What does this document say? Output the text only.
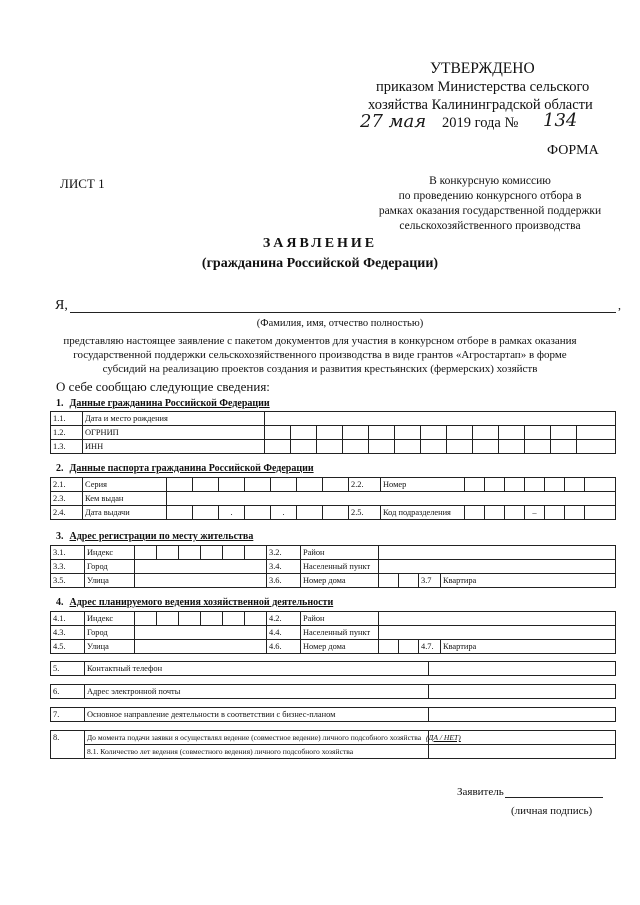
УТВЕРЖДЕНО
приказом Министерства сельского
хозяйства Калининградской области
27 мая 2019 года № 134
ФОРМА
ЛИСТ 1	В конкурсную комиссию
по проведению конкурсного отбора в
рамках оказания государственной поддержки
сельскохозяйственного производства
ЗАЯВЛЕНИЕ
(гражданина Российской Федерации)
Я,	,
(Фамилия, имя, отчество полностью)
представляю настоящее заявление с пакетом документов для участия в конкурсном отборе в рамках оказания
государственной поддержки сельскохозяйственного производства в виде грантов «Агростартап» в форме
субсидий на реализацию проектов создания и развития крестьянских (фермерских) хозяйств
О себе сообщаю следующие сведения:
1. Данные гражданина Российской Федерации
1.1.	Дата и место рождения													
1.2.	ОГРНИП													
1.3.	ИНН													
2. Данные паспорта гражданина Российской Федерации
2.1.	Серия								2.2.	Номер							
2.3.	Кем выдан																
2.4.	Дата выдачи			.		.			2.5.	Код подразделения				–			
3. Адрес регистрации по месту жительства
3.1.	Индекс							3.2.	Район				
3.3.	Город							3.4.	Населенный пункт				
3.5.	Улица							3.6.	Номер дома			3.7	Квартира
4. Адрес планируемого ведения хозяйственной деятельности
4.1.	Индекс							4.2.	Район				
4.3.	Город							4.4.	Населенный пункт				
4.5.	Улица							4.6.	Номер дома			4.7.	Квартира
5.	Контактный телефон	
6.	Адрес электронной почты	
7.	Основное направление деятельности в соответствии с бизнес-планом	
8.	До момента подачи заявки я осуществлял ведение (совместное ведение) личного подсобного хозяйства (ДА / НЕТ)	
	8.1. Количество лет ведения (совместного ведения) личного подсобного хозяйства	
Заявитель
(личная подпись)
